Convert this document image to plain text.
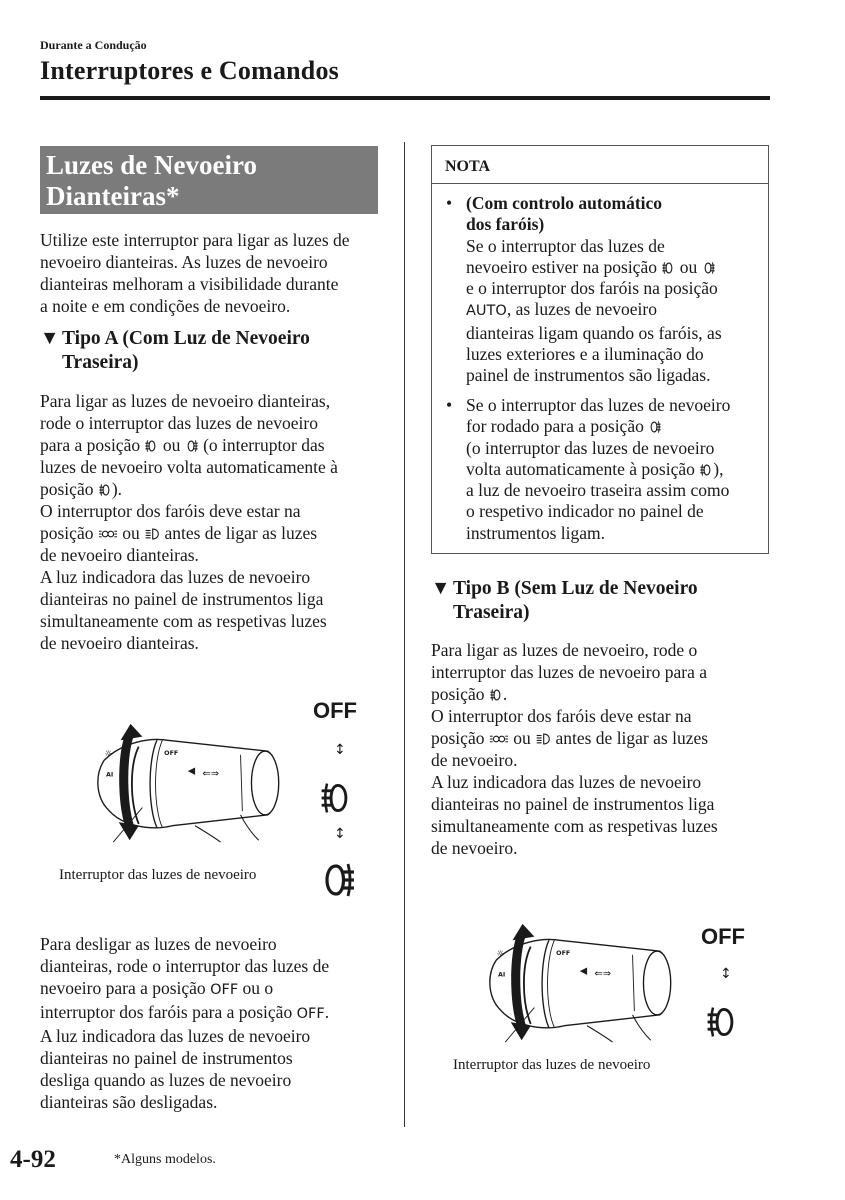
Durante a Condução
Interruptores e Comandos
Luzes de Nevoeiro
Dianteiras*
Utilize este interruptor para ligar as luzes de
nevoeiro dianteiras. As luzes de nevoeiro
dianteiras melhoram a visibilidade durante
a noite e em condições de nevoeiro.
▼ Tipo A (Com Luz de Nevoeiro
Traseira)
Para ligar as luzes de nevoeiro dianteiras,
rode o interruptor das luzes de nevoeiro
para a posição  ou  (o interruptor das
luzes de nevoeiro volta automaticamente à
posição ).
O interruptor dos faróis deve estar na
posição  ou  antes de ligar as luzes
de nevoeiro dianteiras.
A luz indicadora das luzes de nevoeiro
dianteiras no painel de instrumentos liga
simultaneamente com as respetivas luzes
de nevoeiro dianteiras.
OFF
↕
↕
Interruptor das luzes de nevoeiro
Para desligar as luzes de nevoeiro
dianteiras, rode o interruptor das luzes de
nevoeiro para a posição OFF ou o
interruptor dos faróis para a posição OFF.
A luz indicadora das luzes de nevoeiro
dianteiras no painel de instrumentos
desliga quando as luzes de nevoeiro
dianteiras são desligadas.
NOTA
• (Com controlo automático
dos faróis)
Se o interruptor das luzes de
nevoeiro estiver na posição  ou
e o interruptor dos faróis na posição
AUTO, as luzes de nevoeiro
dianteiras ligam quando os faróis, as
luzes exteriores e a iluminação do
painel de instrumentos são ligadas.
• Se o interruptor das luzes de nevoeiro
for rodado para a posição
(o interruptor das luzes de nevoeiro
volta automaticamente à posição ),
a luz de nevoeiro traseira assim como
o respetivo indicador no painel de
instrumentos ligam.
▼ Tipo B (Sem Luz de Nevoeiro
Traseira)
Para ligar as luzes de nevoeiro, rode o
interruptor das luzes de nevoeiro para a
posição .
O interruptor dos faróis deve estar na
posição  ou  antes de ligar as luzes
de nevoeiro.
A luz indicadora das luzes de nevoeiro
dianteiras no painel de instrumentos liga
simultaneamente com as respetivas luzes
de nevoeiro.
OFF
↕
Interruptor das luzes de nevoeiro
4-92	*Alguns modelos.
